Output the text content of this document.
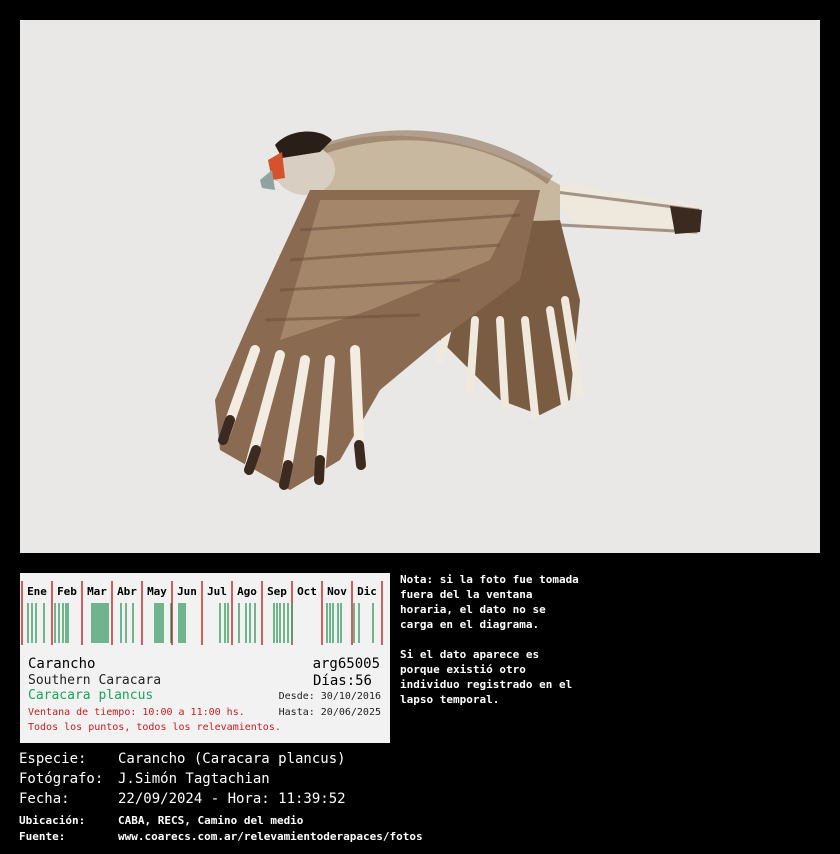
Ene Feb Mar Abr May Jun Jul Ago Sep Oct Nov Dic
Carancho
Southern Caracara
Caracara plancus
arg65005
Días:56
Desde: 30/10/2016
Hasta: 20/06/2025
Ventana de tiempo: 10:00 a 11:00 hs.
Todos los puntos, todos los relevamientos.

Nota: si la foto fue tomada fuera del la ventana horaria, el dato no se carga en el diagrama.

Si el dato aparece es porque existió otro individuo registrado en el lapso temporal.

Especie: Carancho (Caracara plancus)
Fotógrafo: J.Simón Tagtachian
Fecha:	22/09/2024 - Hora: 11:39:52
Ubicación:	CABA, RECS, Camino del medio
Fuente:	www.coarecs.com.ar/relevamientoderapaces/fotos
